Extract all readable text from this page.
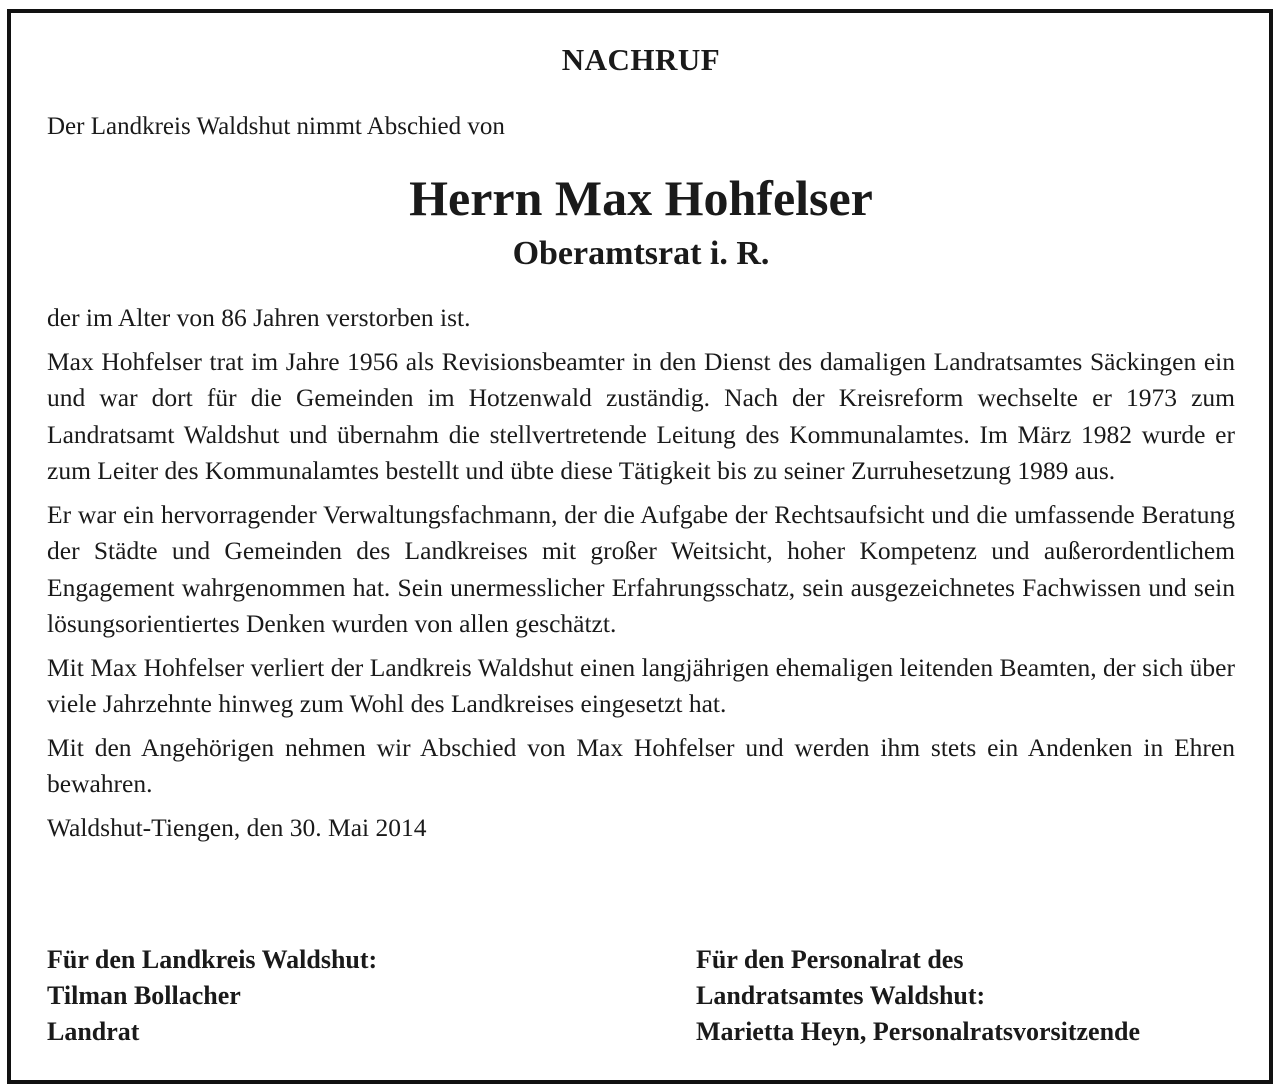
NACHRUF
Der Landkreis Waldshut nimmt Abschied von
Herrn Max Hohfelser
Oberamtsrat i. R.

der im Alter von 86 Jahren verstorben ist.

Max Hohfelser trat im Jahre 1956 als Revisionsbeamter in den Dienst des damaligen Landratsamtes Säckingen ein und war dort für die Gemeinden im Hotzenwald zuständig. Nach der Kreisreform wechselte er 1973 zum Landratsamt Waldshut und übernahm die stellvertretende Leitung des Kommunalamtes. Im März 1982 wurde er zum Leiter des Kommunalamtes bestellt und übte diese Tätigkeit bis zu seiner Zurruhesetzung 1989 aus.

Er war ein hervorragender Verwaltungsfachmann, der die Aufgabe der Rechtsaufsicht und die umfassende Beratung der Städte und Gemeinden des Landkreises mit großer Weitsicht, hoher Kompetenz und außerordentlichem Engagement wahrgenommen hat. Sein unermesslicher Erfahrungsschatz, sein ausgezeichnetes Fachwissen und sein lösungsorientiertes Denken wurden von allen geschätzt.

Mit Max Hohfelser verliert der Landkreis Waldshut einen langjährigen ehemaligen leitenden Beamten, der sich über viele Jahrzehnte hinweg zum Wohl des Landkreises eingesetzt hat.

Mit den Angehörigen nehmen wir Abschied von Max Hohfelser und werden ihm stets ein Andenken in Ehren bewahren.

Waldshut-Tiengen, den 30. Mai 2014

Für den Landkreis Waldshut:
Tilman Bollacher
Landrat
Für den Personalrat des
Landratsamtes Waldshut:
Marietta Heyn, Personalratsvorsitzende
